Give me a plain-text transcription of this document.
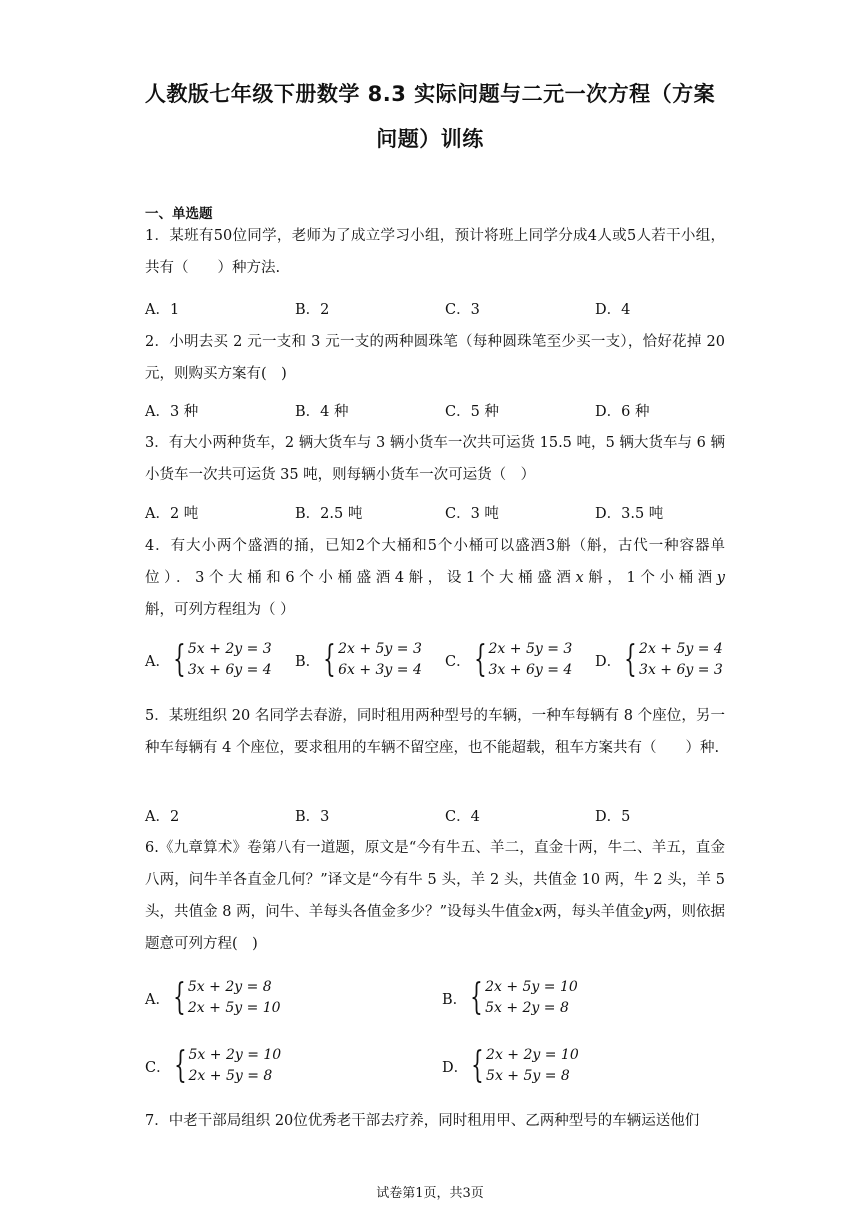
人教版七年级下册数学 8.3 实际问题与二元一次方程（方案
问题）训练
一、单选题
1．某班有50位同学，老师为了成立学习小组，预计将班上同学分成4人或5人若干小组，共有（　　）种方法.
A．1	B．2	C．3	D．4
2．小明去买 2 元一支和 3 元一支的两种圆珠笔（每种圆珠笔至少买一支），恰好花掉 20 元，则购买方案有(　)
A．3 种	B．4 种	C．5 种	D．6 种
3．有大小两种货车，2 辆大货车与 3 辆小货车一次共可运货 15.5 吨，5 辆大货车与 6 辆小货车一次共可运货 35 吨，则每辆小货车一次可运货（　）
A．2 吨	B．2.5 吨	C．3 吨	D．3.5 吨
4．有大小两个盛酒的捅，已知2个大桶和5个小桶可以盛酒3斛（斛，古代一种容器单位）．3个大桶和6个小桶盛酒4斛，设1个大桶盛酒x斛，1个小桶酒y斛，可列方程组为（ ）
A． { 5x + 2y = 3
3x + 6y = 4
B． { 2x + 5y = 3
6x + 3y = 4
C． { 2x + 5y = 3
3x + 6y = 4
D． { 2x + 5y = 4
3x + 6y = 3
5．某班组织 20 名同学去春游，同时租用两种型号的车辆，一种车每辆有 8 个座位，另一种车每辆有 4 个座位，要求租用的车辆不留空座，也不能超载，租车方案共有（　　）种.
A．2	B．3	C．4	D．5
6.《九章算术》卷第八有一道题，原文是“今有牛五、羊二，直金十两，牛二、羊五，直金八两，问牛羊各直金几何？”译文是“今有牛 5 头，羊 2 头，共值金 10 两，牛 2 头，羊 5 头，共值金 8 两，问牛、羊每头各值金多少？”设每头牛值金x两，每头羊值金y两，则依据题意可列方程(　)
A． { 5x + 2y = 8
2x + 5y = 10
B． { 2x + 5y = 10
5x + 2y = 8
C． { 5x + 2y = 10
2x + 5y = 8
D． { 2x + 2y = 10
5x + 5y = 8
7．中老干部局组织 20位优秀老干部去疗养，同时租用甲、乙两种型号的车辆运送他们
试卷第1页，共3页
